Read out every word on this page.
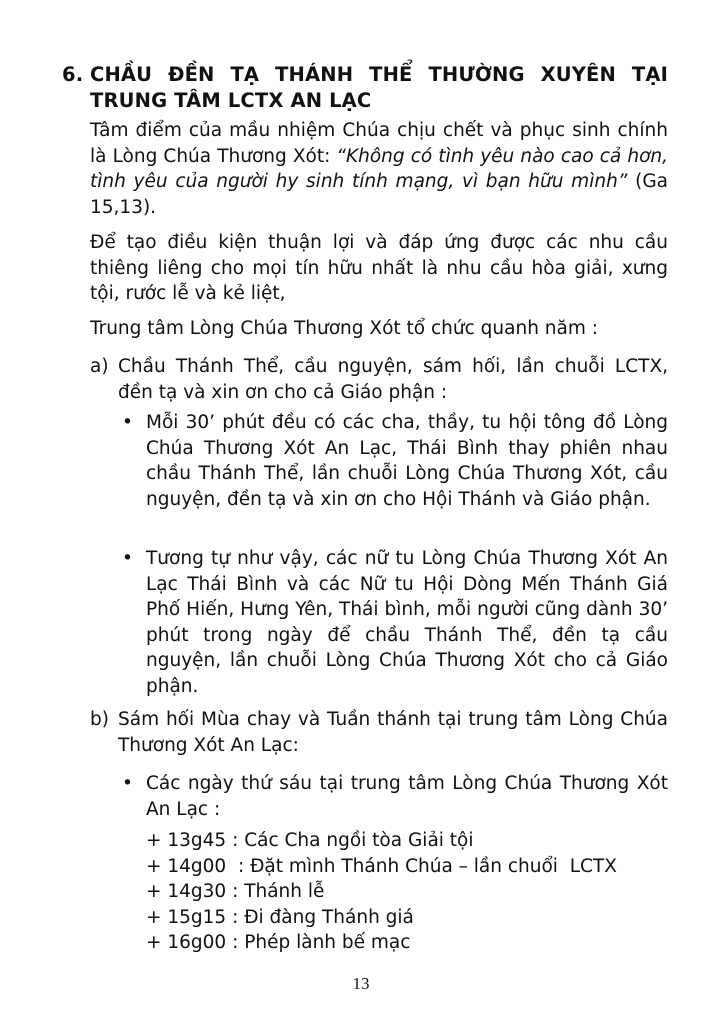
6. CHẦU ĐỀN TẠ THÁNH THỂ THƯỜNG XUYÊN TẠI TRUNG TÂM LCTX AN LẠC

Tâm điểm của mầu nhiệm Chúa chịu chết và phục sinh chính là Lòng Chúa Thương Xót: “Không có tình yêu nào cao cả hơn, tình yêu của người hy sinh tính mạng, vì bạn hữu mình” (Ga 15,13).

Để tạo điều kiện thuận lợi và đáp ứng được các nhu cầu thiêng liêng cho mọi tín hữu nhất là nhu cầu hòa giải, xưng tội, rước lễ và kẻ liệt,

Trung tâm Lòng Chúa Thương Xót tổ chức quanh năm :

a) Chầu Thánh Thể, cầu nguyện, sám hối, lần chuỗi LCTX, đền tạ và xin ơn cho cả Giáo phận :
• Mỗi 30’ phút đều có các cha, thầy, tu hội tông đồ Lòng Chúa Thương Xót An Lạc, Thái Bình thay phiên nhau chầu Thánh Thể, lần chuỗi Lòng Chúa Thương Xót, cầu nguyện, đền tạ và xin ơn cho Hội Thánh và Giáo phận.
• Tương tự như vậy, các nữ tu Lòng Chúa Thương Xót An Lạc Thái Bình và các Nữ tu Hội Dòng Mến Thánh Giá Phố Hiến, Hưng Yên, Thái bình, mỗi người cũng dành 30’ phút trong ngày để chầu Thánh Thể, đền tạ cầu nguyện, lần chuỗi Lòng Chúa Thương Xót cho cả Giáo phận.
b) Sám hối Mùa chay và Tuần thánh tại trung tâm Lòng Chúa Thương Xót An Lạc:
• Các ngày thứ sáu tại trung tâm Lòng Chúa Thương Xót An Lạc :
+ 13g45 : Các Cha ngồi tòa Giải tội
+ 14g00  : Đặt mình Thánh Chúa – lần chuổi  LCTX
+ 14g30 : Thánh lễ
+ 15g15 : Đi đàng Thánh giá
+ 16g00 : Phép lành bế mạc
13
